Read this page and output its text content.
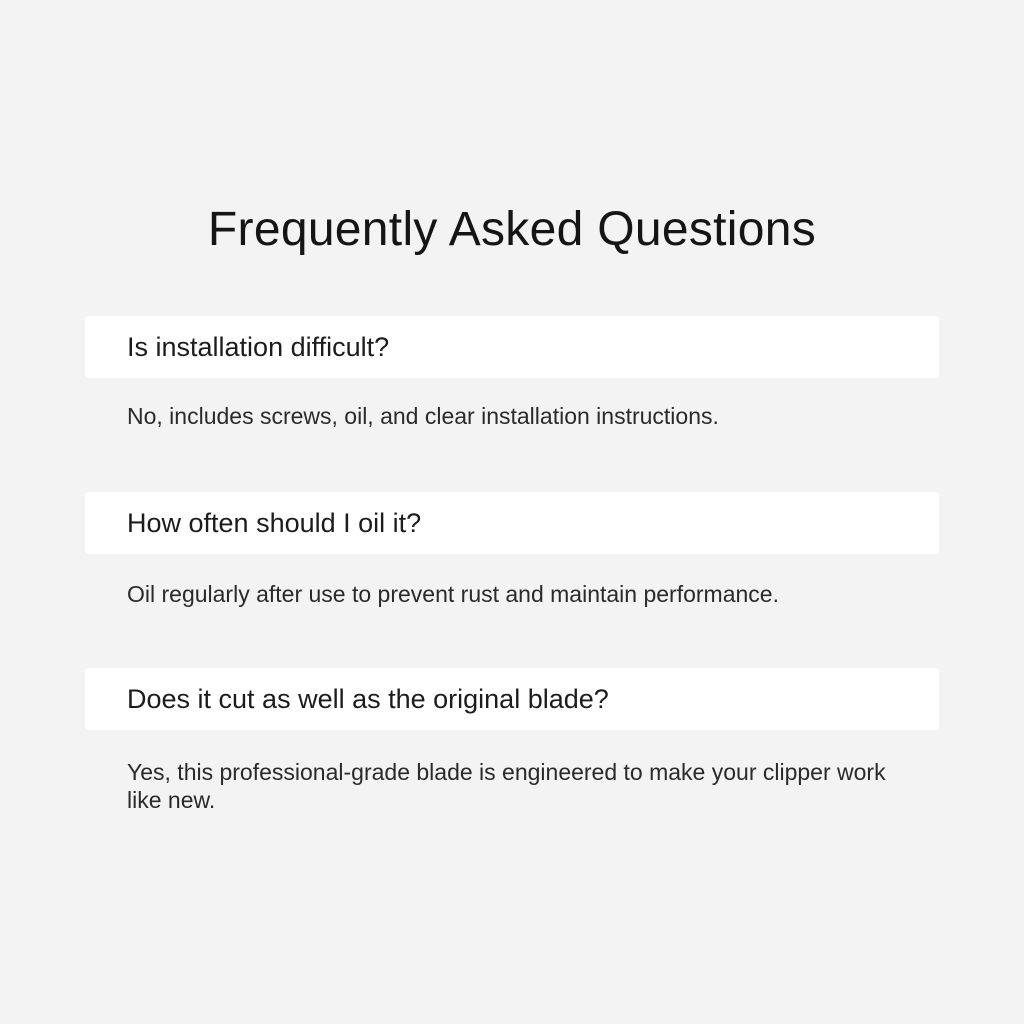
Frequently Asked Questions
Is installation difficult?
No, includes screws, oil, and clear installation instructions.
How often should I oil it?
Oil regularly after use to prevent rust and maintain performance.
Does it cut as well as the original blade?
Yes, this professional-grade blade is engineered to make your clipper work like new.
